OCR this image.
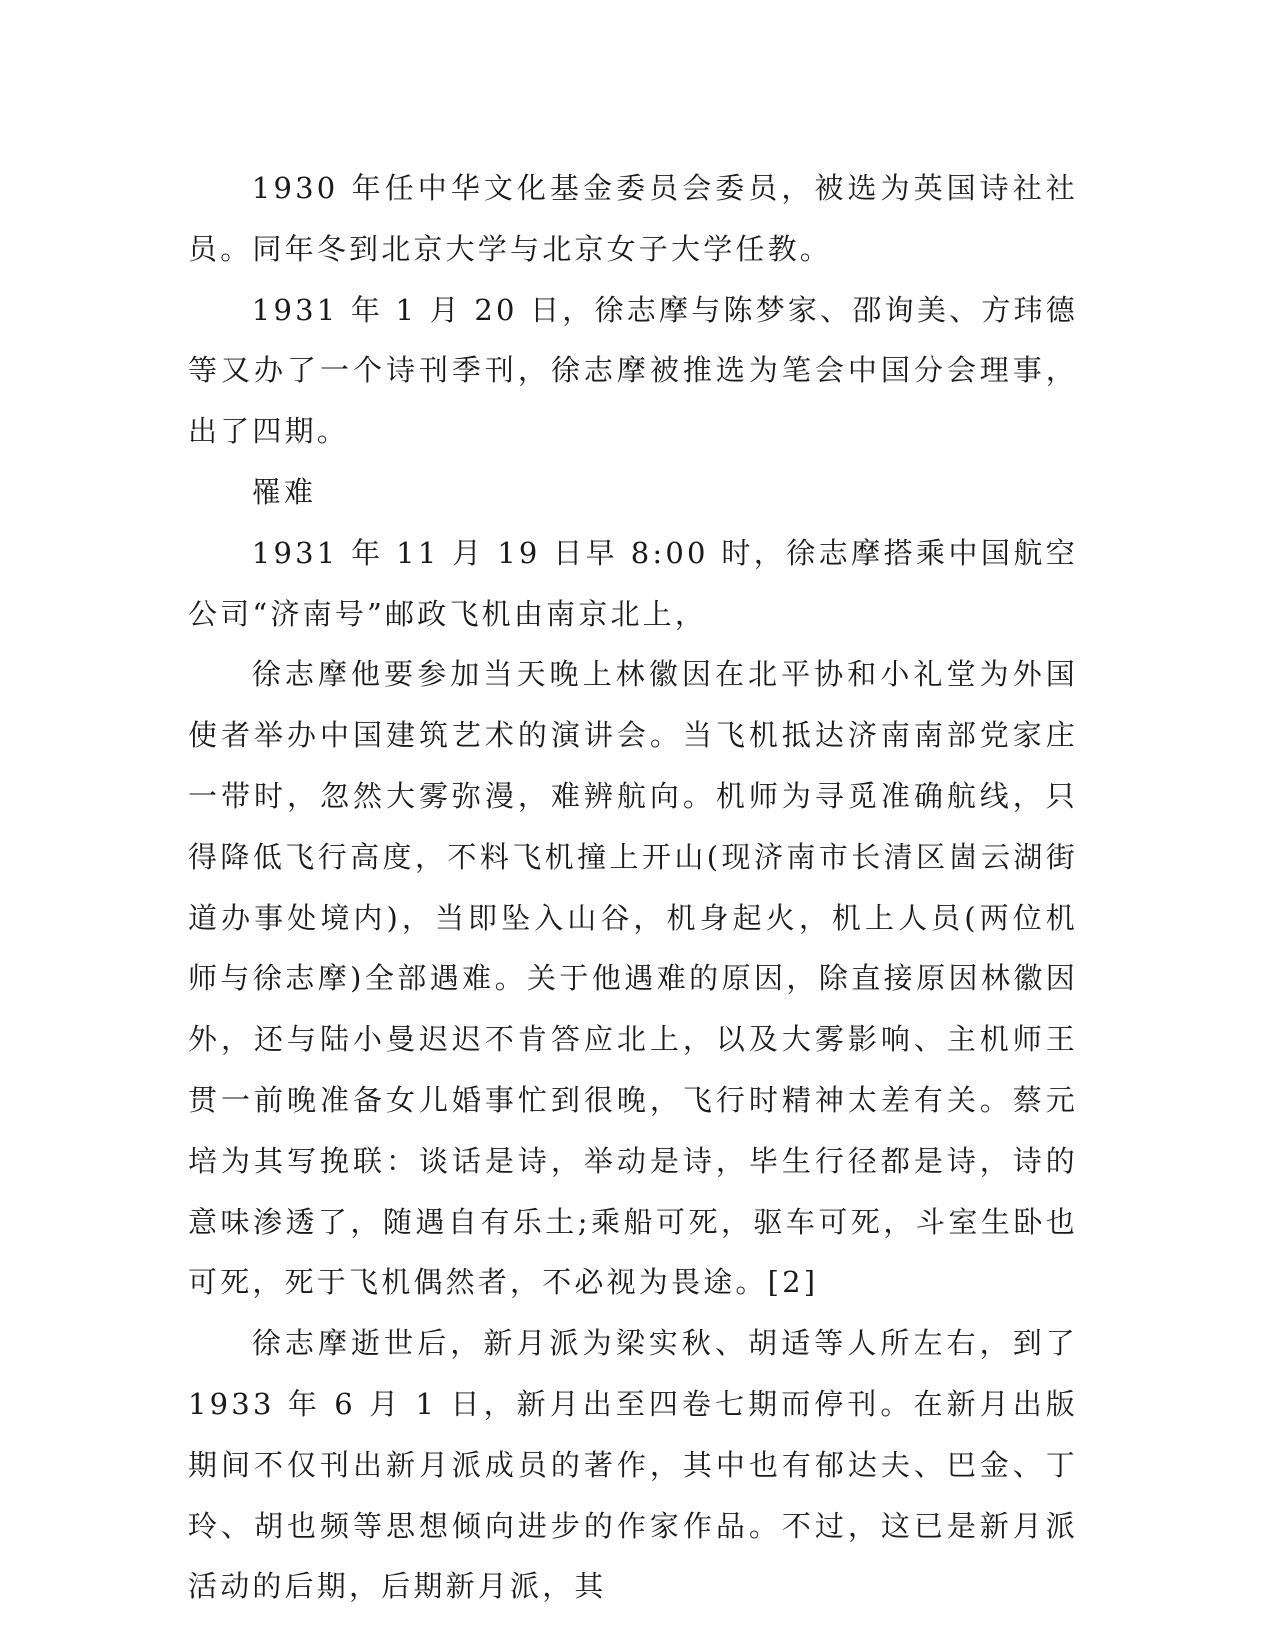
1930 年任中华文化基金委员会委员，被选为英国诗社社员。同年冬到北京大学与北京女子大学任教。

1931 年 1 月 20 日，徐志摩与陈梦家、邵询美、方玮德等又办了一个诗刊季刊，徐志摩被推选为笔会中国分会理事，出了四期。

罹难

1931 年 11 月 19 日早 8:00 时，徐志摩搭乘中国航空公司“济南号”邮政飞机由南京北上，

徐志摩他要参加当天晚上林徽因在北平协和小礼堂为外国使者举办中国建筑艺术的演讲会。当飞机抵达济南南部党家庄一带时，忽然大雾弥漫，难辨航向。机师为寻觅准确航线，只得降低飞行高度，不料飞机撞上开山(现济南市长清区崮云湖街道办事处境内)，当即坠入山谷，机身起火，机上人员(两位机师与徐志摩)全部遇难。关于他遇难的原因，除直接原因林徽因外，还与陆小曼迟迟不肯答应北上，以及大雾影响、主机师王贯一前晚准备女儿婚事忙到很晚，飞行时精神太差有关。蔡元培为其写挽联：谈话是诗，举动是诗，毕生行径都是诗，诗的意味渗透了，随遇自有乐土;乘船可死，驱车可死，斗室生卧也可死，死于飞机偶然者，不必视为畏途。[2]

徐志摩逝世后，新月派为梁实秋、胡适等人所左右，到了 1933 年 6 月 1 日，新月出至四卷七期而停刊。在新月出版期间不仅刊出新月派成员的著作，其中也有郁达夫、巴金、丁玲、胡也频等思想倾向进步的作家作品。不过，这已是新月派活动的后期，后期新月派，其
